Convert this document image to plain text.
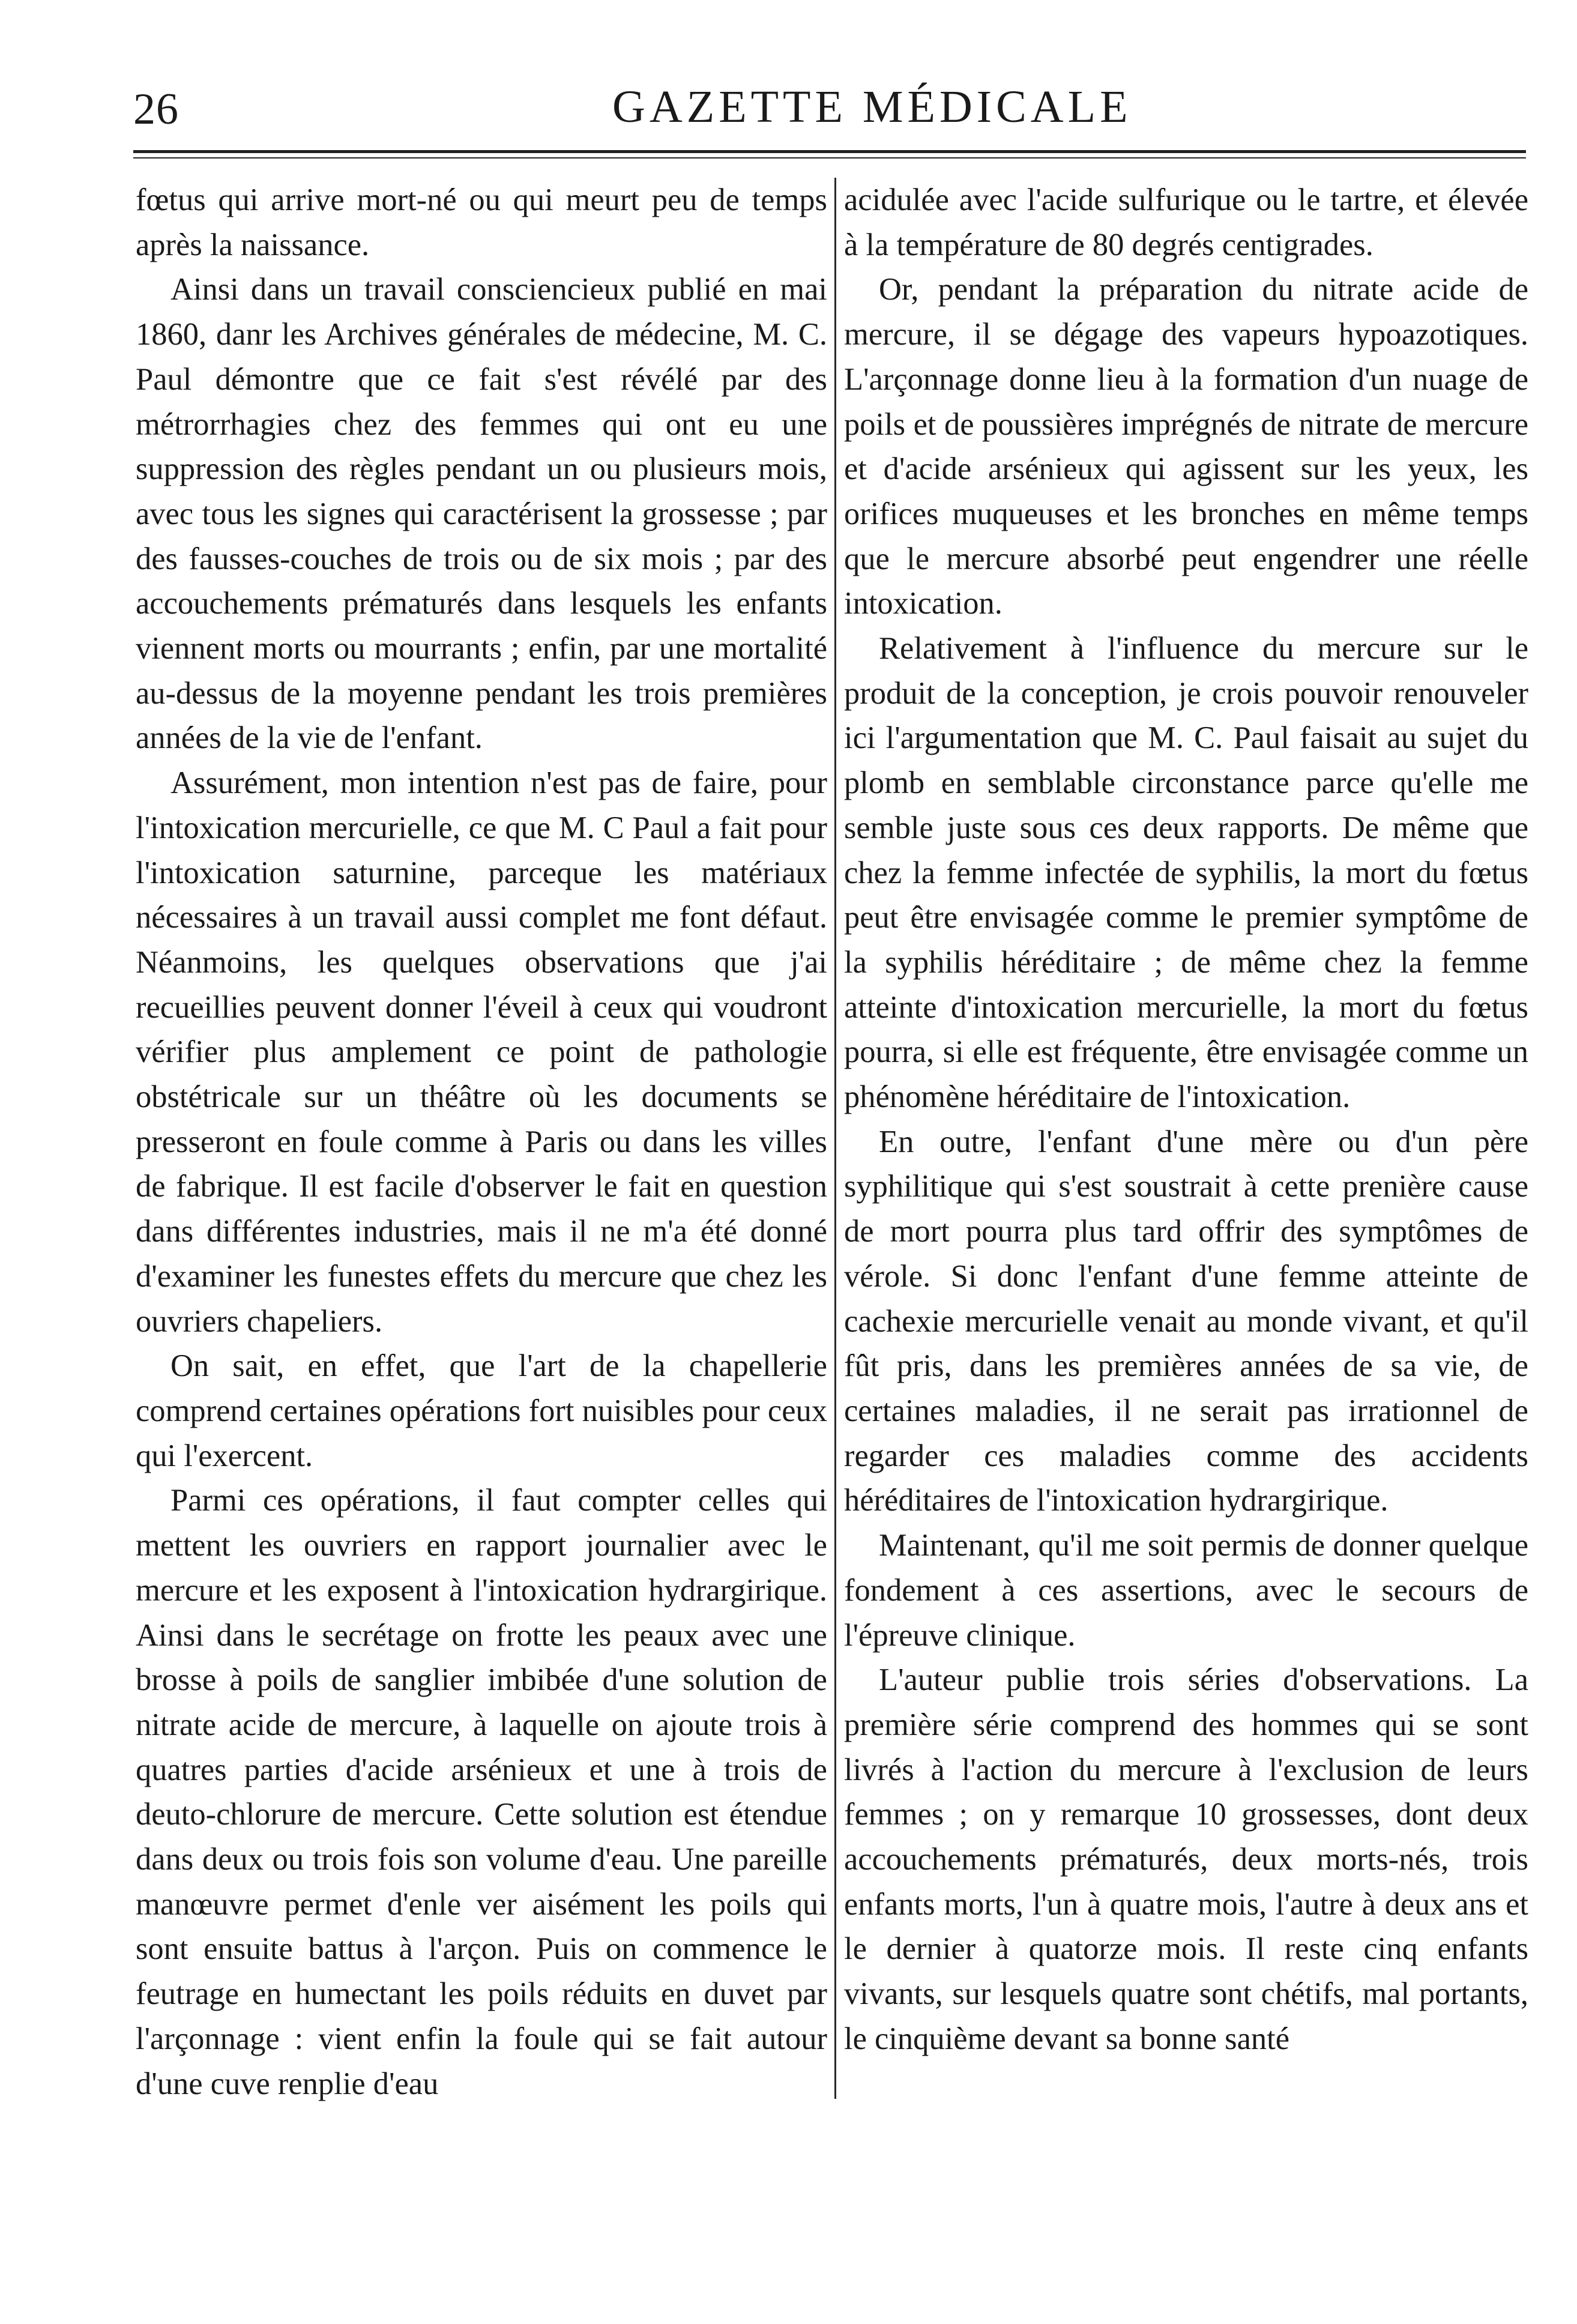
26	GAZETTE MÉDICALE

fœtus qui arrive mort-né ou qui meurt peu de temps après la naissance.

Ainsi dans un travail consciencieux publié en mai 1860, danr les Archives générales de médecine, M. C. Paul démontre que ce fait s'est révélé par des métrorrhagies chez des femmes qui ont eu une suppression des règles pendant un ou plusieurs mois, avec tous les signes qui caractérisent la grossesse ; par des fausses-couches de trois ou de six mois ; par des accouchements prématurés dans lesquels les enfants viennent morts ou mourrants ; enfin, par une mortalité au-dessus de la moyenne pendant les trois premières années de la vie de l'enfant.

Assurément, mon intention n'est pas de faire, pour l'intoxication mercurielle, ce que M. C Paul a fait pour l'intoxication saturnine, parceque les matériaux nécessaires à un travail aussi complet me font défaut. Néanmoins, les quelques observations que j'ai recueillies peuvent donner l'éveil à ceux qui voudront vérifier plus amplement ce point de pathologie obstétricale sur un théâtre où les documents se presseront en foule comme à Paris ou dans les villes de fabrique. Il est facile d'observer le fait en question dans différentes industries, mais il ne m'a été donné d'examiner les funestes effets du mercure que chez les ouvriers chapeliers.

On sait, en effet, que l'art de la chapellerie comprend certaines opérations fort nuisibles pour ceux qui l'exercent.

Parmi ces opérations, il faut compter celles qui mettent les ouvriers en rapport journalier avec le mercure et les exposent à l'intoxication hydrargirique. Ainsi dans le secrétage on frotte les peaux avec une brosse à poils de sanglier imbibée d'une solution de nitrate acide de mercure, à laquelle on ajoute trois à quatres parties d'acide arsénieux et une à trois de deuto-chlorure de mercure. Cette solution est étendue dans deux ou trois fois son volume d'eau. Une pareille manœuvre permet d'enle ver aisément les poils qui sont ensuite battus à l'arçon. Puis on commence le feutrage en humectant les poils réduits en duvet par l'arçonnage : vient enfin la foule qui se fait autour d'une cuve renplie d'eau

acidulée avec l'acide sulfurique ou le tartre, et élevée à la température de 80 degrés centigrades.

Or, pendant la préparation du nitrate acide de mercure, il se dégage des vapeurs hypoazotiques. L'arçonnage donne lieu à la formation d'un nuage de poils et de poussières imprégnés de nitrate de mercure et d'acide arsénieux qui agissent sur les yeux, les orifices muqueuses et les bronches en même temps que le mercure absorbé peut engendrer une réelle intoxication.

Relativement à l'influence du mercure sur le produit de la conception, je crois pouvoir renouveler ici l'argumentation que M. C. Paul faisait au sujet du plomb en semblable circonstance parce qu'elle me semble juste sous ces deux rapports. De même que chez la femme infectée de syphilis, la mort du fœtus peut être envisagée comme le premier symptôme de la syphilis héréditaire ; de même chez la femme atteinte d'intoxication mercurielle, la mort du fœtus pourra, si elle est fréquente, être envisagée comme un phénomène héréditaire de l'intoxication.

En outre, l'enfant d'une mère ou d'un père syphilitique qui s'est soustrait à cette prenière cause de mort pourra plus tard offrir des symptômes de vérole. Si donc l'enfant d'une femme atteinte de cachexie mercurielle venait au monde vivant, et qu'il fût pris, dans les premières années de sa vie, de certaines maladies, il ne serait pas irrationnel de regarder ces maladies comme des accidents héréditaires de l'intoxication hydrargirique.

Maintenant, qu'il me soit permis de donner quelque fondement à ces assertions, avec le secours de l'épreuve clinique.

L'auteur publie trois séries d'observations. La première série comprend des hommes qui se sont livrés à l'action du mercure à l'exclusion de leurs femmes ; on y remarque 10 grossesses, dont deux accouchements prématurés, deux morts-nés, trois enfants morts, l'un à quatre mois, l'autre à deux ans et le dernier à quatorze mois. Il reste cinq enfants vivants, sur lesquels quatre sont chétifs, mal portants, le cinquième devant sa bonne santé
